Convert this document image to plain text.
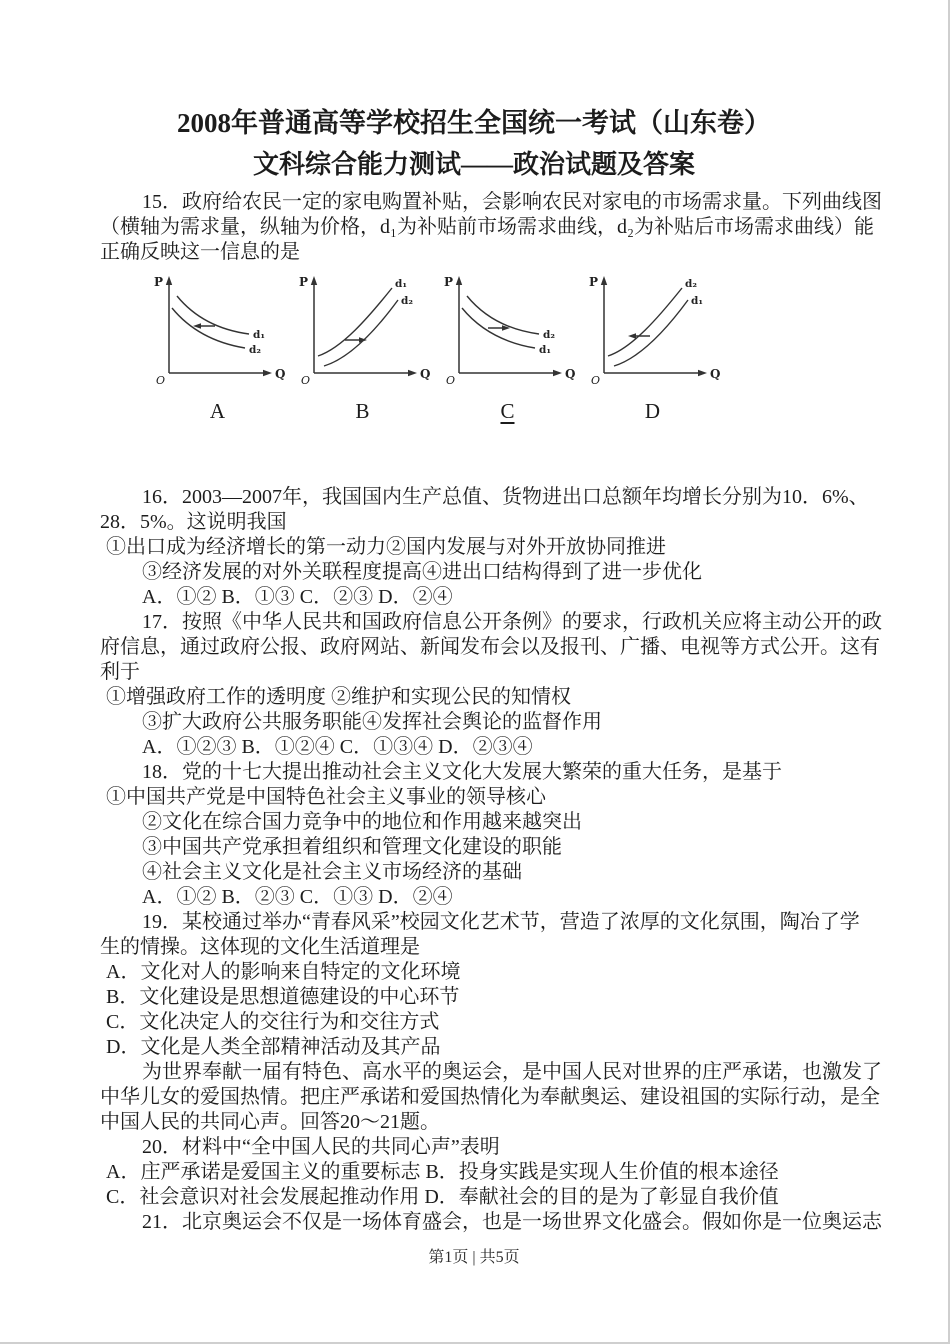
2008年普通高等学校招生全国统一考试（山东卷）
文科综合能力测试——政治试题及答案
15．政府给农民一定的家电购置补贴，会影响农民对家电的市场需求量。下列曲线图
（横轴为需求量，纵轴为价格，d₁为补贴前市场需求曲线，d₂为补贴后市场需求曲线）能
正确反映这一信息的是
P
Q
O
d₁
d₂
A
P
Q
O
d₁
d₂
B
P
Q
O
d₂
d₁
C
P
Q
O
d₂
d₁
D
16．2003—2007年，我国国内生产总值、货物进出口总额年均增长分别为10．6%、
28．5%。这说明我国
①出口成为经济增长的第一动力②国内发展与对外开放协同推进
③经济发展的对外关联程度提高④进出口结构得到了进一步优化
A．①② B．①③ C．②③ D．②④
17．按照《中华人民共和国政府信息公开条例》的要求，行政机关应将主动公开的政
府信息，通过政府公报、政府网站、新闻发布会以及报刊、广播、电视等方式公开。这有
利于
①增强政府工作的透明度 ②维护和实现公民的知情权
③扩大政府公共服务职能④发挥社会舆论的监督作用
A．①②③ B．①②④ C．①③④ D．②③④
18．党的十七大提出推动社会主义文化大发展大繁荣的重大任务，是基于
①中国共产党是中国特色社会主义事业的领导核心
②文化在综合国力竞争中的地位和作用越来越突出
③中国共产党承担着组织和管理文化建设的职能
④社会主义文化是社会主义市场经济的基础
A．①② B．②③ C．①③ D．②④
19．某校通过举办“青春风采”校园文化艺术节，营造了浓厚的文化氛围，陶冶了学
生的情操。这体现的文化生活道理是
A．文化对人的影响来自特定的文化环境
B．文化建设是思想道德建设的中心环节
C．文化决定人的交往行为和交往方式
D．文化是人类全部精神活动及其产品
为世界奉献一届有特色、高水平的奥运会，是中国人民对世界的庄严承诺，也激发了
中华儿女的爱国热情。把庄严承诺和爱国热情化为奉献奥运、建设祖国的实际行动，是全
中国人民的共同心声。回答20～21题。
20．材料中“全中国人民的共同心声”表明
A．庄严承诺是爱国主义的重要标志 B．投身实践是实现人生价值的根本途径
C．社会意识对社会发展起推动作用 D．奉献社会的目的是为了彰显自我价值
21．北京奥运会不仅是一场体育盛会，也是一场世界文化盛会。假如你是一位奥运志
第1页 | 共5页
